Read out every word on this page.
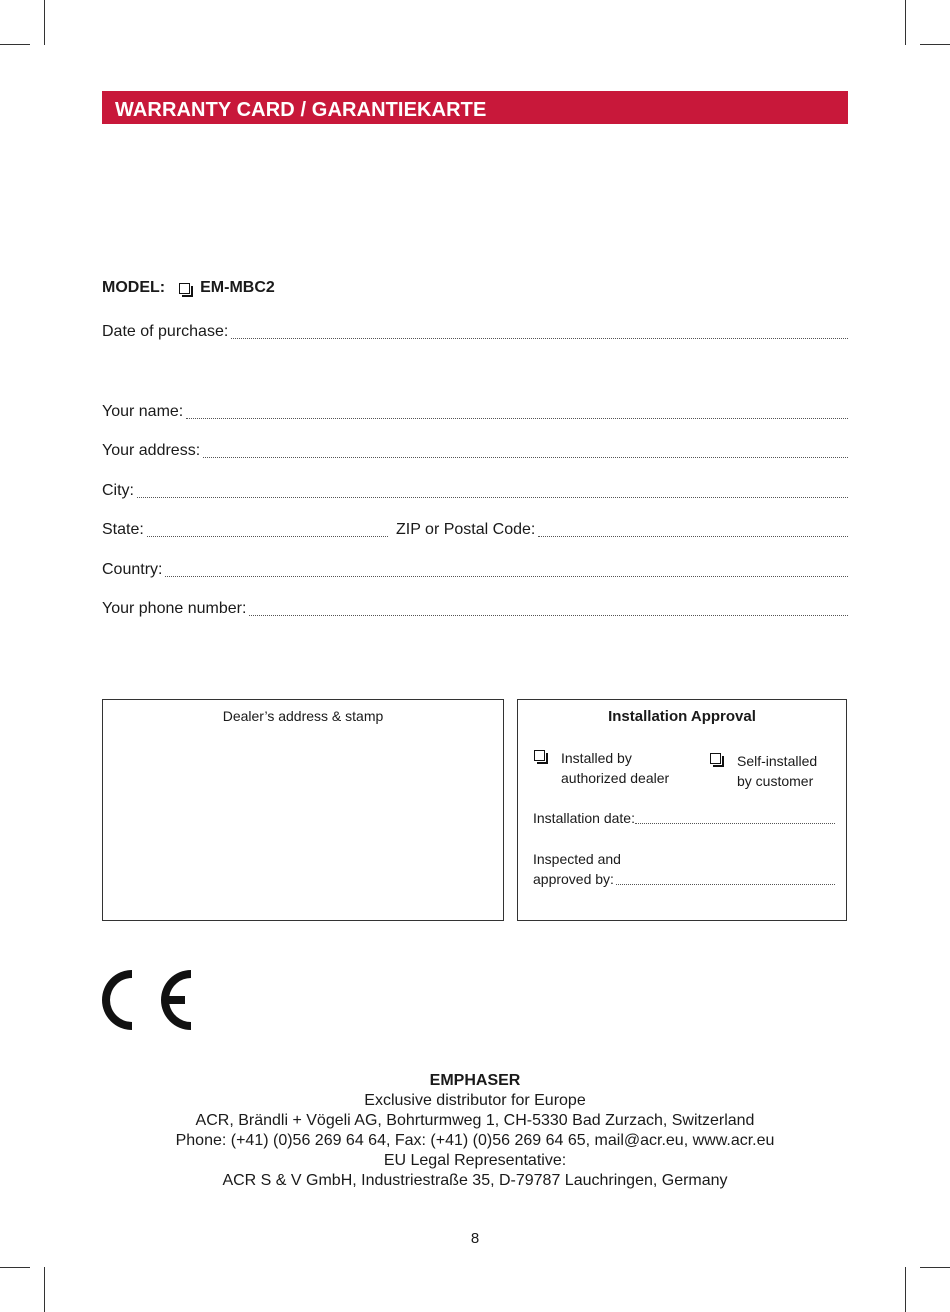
WARRANTY CARD / GARANTIEKARTE
MODEL: EM-MBC2
Date of purchase:
Your name:
Your address:
City:
State:	ZIP or Postal Code:
Country:
Your phone number:
Dealer’s address & stamp	Installation Approval
Installed by
authorized dealer
Self-installed
by customer
Installation date:
Inspected and
approved by:
EMPHASER
Exclusive distributor for Europe
ACR, Brändli + Vögeli AG, Bohrturmweg 1, CH-5330 Bad Zurzach, Switzerland
Phone: (+41) (0)56 269 64 64, Fax: (+41) (0)56 269 64 65, mail@acr.eu, www.acr.eu
EU Legal Representative:
ACR S & V GmbH, Industriestraße 35, D-79787 Lauchringen, Germany
8
